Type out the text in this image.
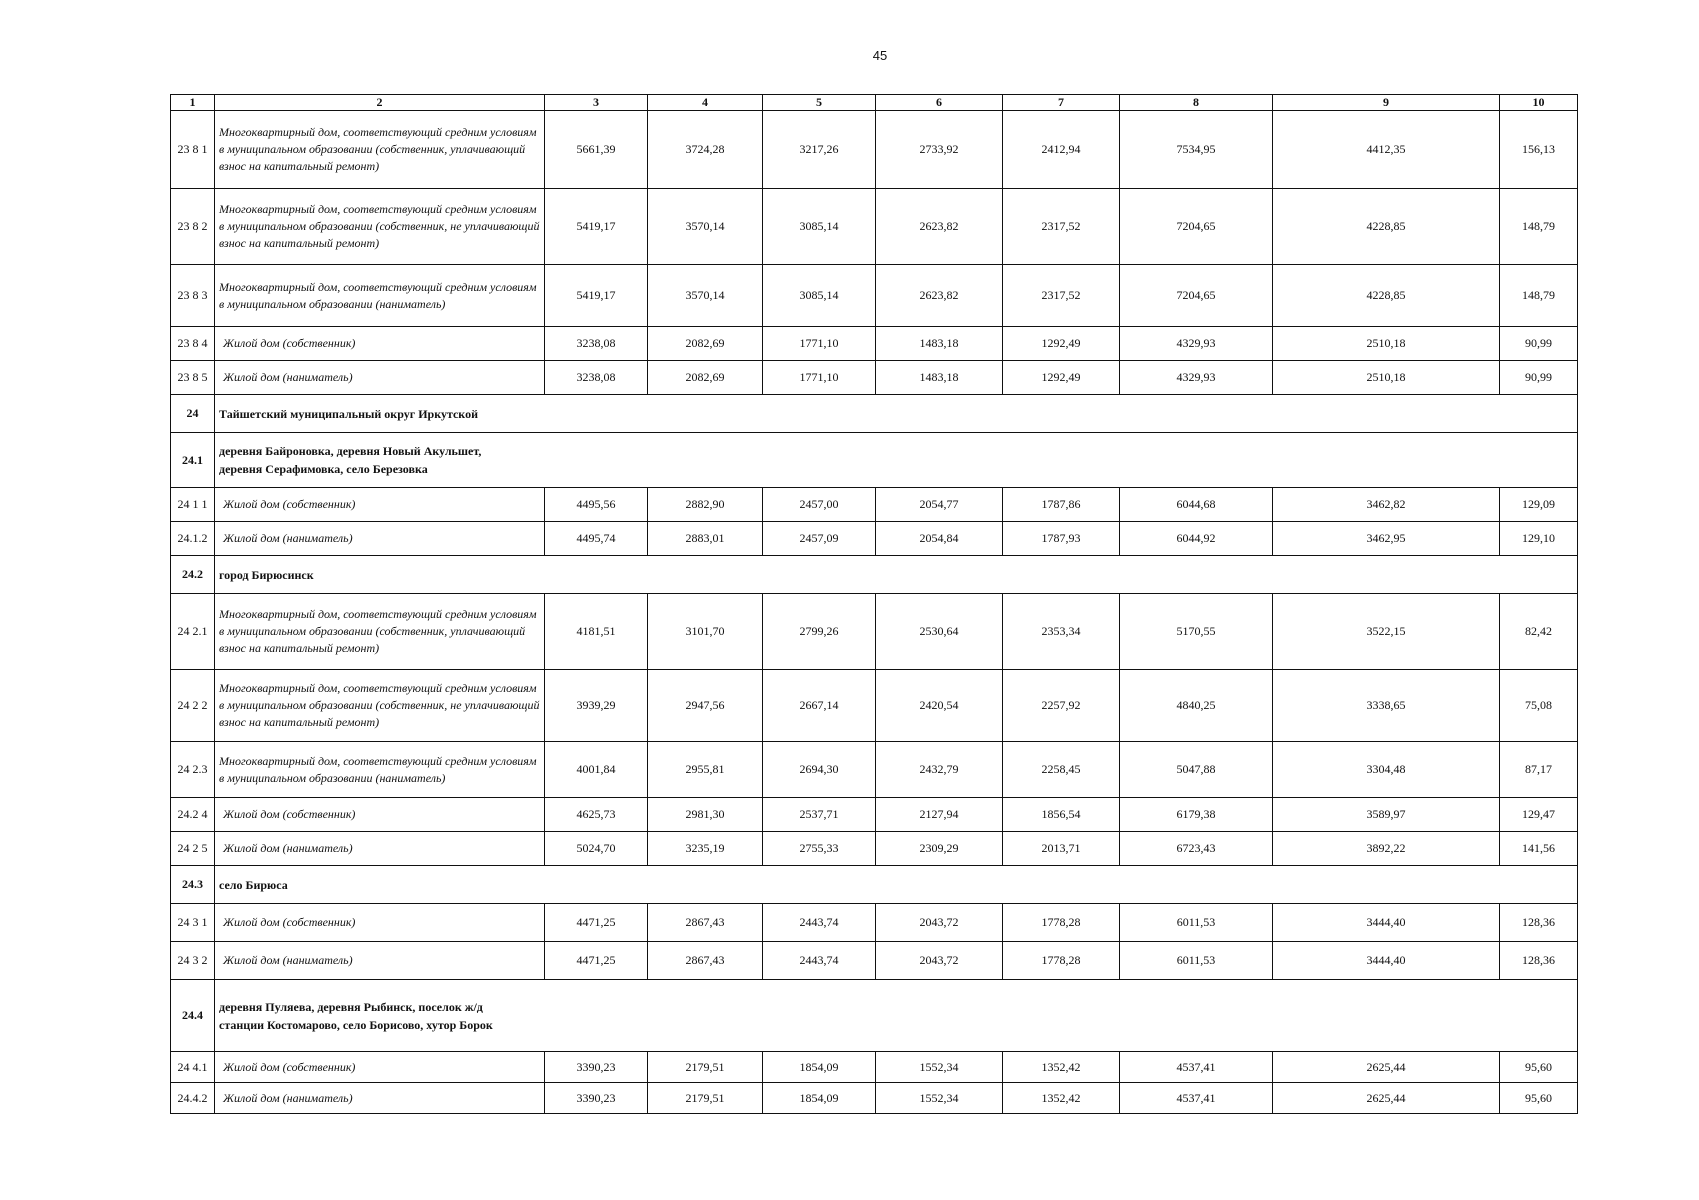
45
1	2	3	4	5	6	7	8	9	10
23 8 1	Многоквартирный дом, соответствующий средним условиям в муниципальном образовании (собственник, уплачивающий взнос на капитальный ремонт)	5661,39	3724,28	3217,26	2733,92	2412,94	7534,95	4412,35	156,13
23 8 2	Многоквартирный дом, соответствующий средним условиям в муниципальном образовании (собственник, не уплачивающий взнос на капитальный ремонт)	5419,17	3570,14	3085,14	2623,82	2317,52	7204,65	4228,85	148,79
23 8 3	Многоквартирный дом, соответствующий средним условиям в муниципальном образовании (наниматель)	5419,17	3570,14	3085,14	2623,82	2317,52	7204,65	4228,85	148,79
23 8 4	Жилой дом (собственник)	3238,08	2082,69	1771,10	1483,18	1292,49	4329,93	2510,18	90,99
23 8 5	Жилой дом (наниматель)	3238,08	2082,69	1771,10	1483,18	1292,49	4329,93	2510,18	90,99
24	Тайшетский муниципальный округ Иркутской								
24.1	деревня Байроновка, деревня Новый Акульшет, деревня Серафимовка, село Березовка								
24 1 1	Жилой дом (собственник)	4495,56	2882,90	2457,00	2054,77	1787,86	6044,68	3462,82	129,09
24.1.2	Жилой дом (наниматель)	4495,74	2883,01	2457,09	2054,84	1787,93	6044,92	3462,95	129,10
24.2	город Бирюсинск								
24 2.1	Многоквартирный дом, соответствующий средним условиям в муниципальном образовании (собственник, уплачивающий взнос на капитальный ремонт)	4181,51	3101,70	2799,26	2530,64	2353,34	5170,55	3522,15	82,42
24 2 2	Многоквартирный дом, соответствующий средним условиям в муниципальном образовании (собственник, не уплачивающий взнос на капитальный ремонт)	3939,29	2947,56	2667,14	2420,54	2257,92	4840,25	3338,65	75,08
24 2.3	Многоквартирный дом, соответствующий средним условиям в муниципальном образовании (наниматель)	4001,84	2955,81	2694,30	2432,79	2258,45	5047,88	3304,48	87,17
24.2 4	Жилой дом (собственник)	4625,73	2981,30	2537,71	2127,94	1856,54	6179,38	3589,97	129,47
24 2 5	Жилой дом (наниматель)	5024,70	3235,19	2755,33	2309,29	2013,71	6723,43	3892,22	141,56
24.3	село Бирюса								
24 3 1	Жилой дом (собственник)	4471,25	2867,43	2443,74	2043,72	1778,28	6011,53	3444,40	128,36
24 3 2	Жилой дом (наниматель)	4471,25	2867,43	2443,74	2043,72	1778,28	6011,53	3444,40	128,36
24.4	деревня Пуляева, деревня Рыбинск, поселок ж/д станции Костомарово, село Борисово, хутор Борок								
24 4.1	Жилой дом (собственник)	3390,23	2179,51	1854,09	1552,34	1352,42	4537,41	2625,44	95,60
24.4.2	Жилой дом (наниматель)	3390,23	2179,51	1854,09	1552,34	1352,42	4537,41	2625,44	95,60
